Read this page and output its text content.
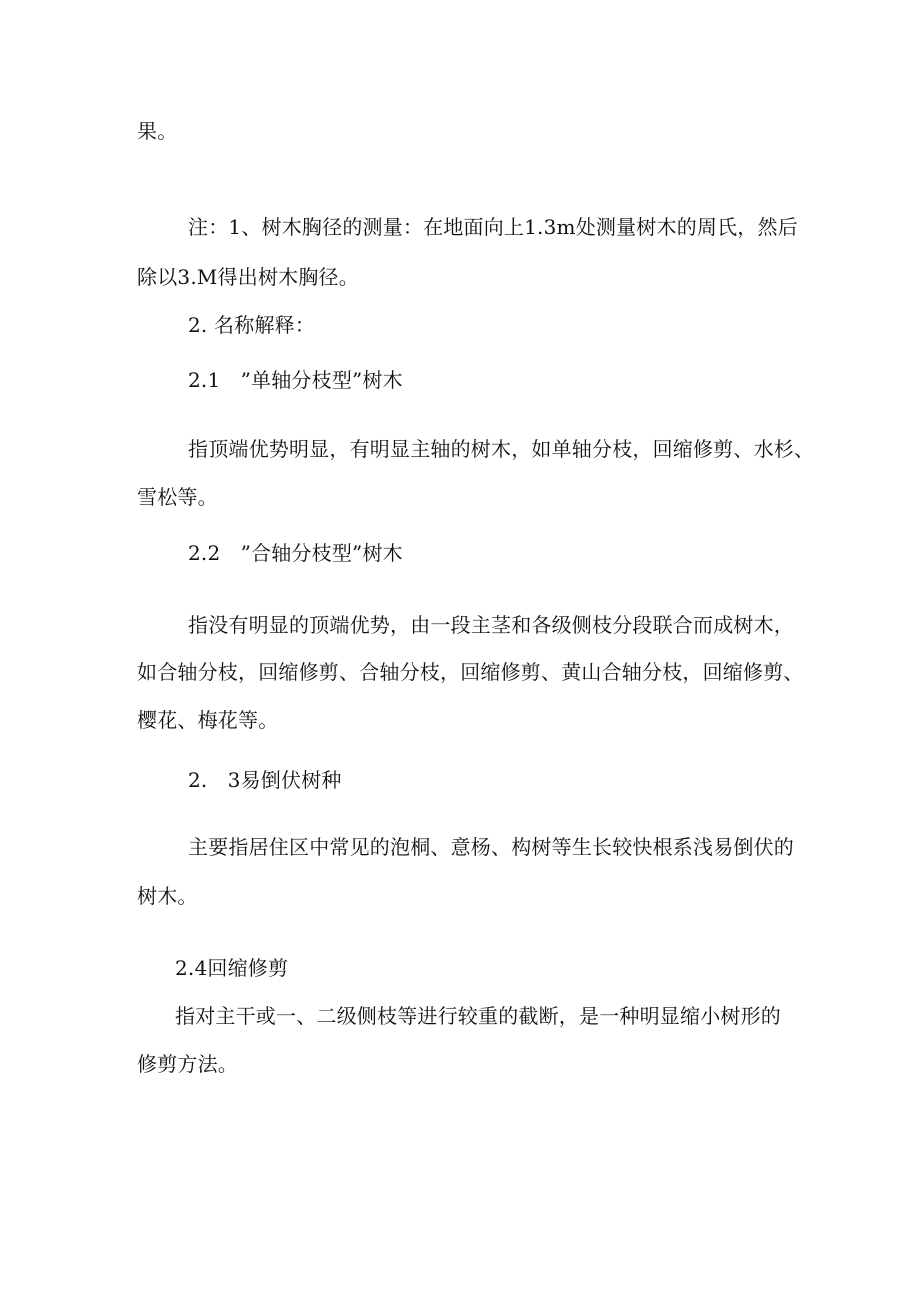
果。
注：1、树木胸径的测量：在地面向上1.3m处测量树木的周氏，然后
除以3.M得出树木胸径。
2. 名称解释：
2.1　”单轴分枝型”树木
指顶端优势明显，有明显主轴的树木，如单轴分枝，回缩修剪、水杉、
雪松等。
2.2　”合轴分枝型”树木
指没有明显的顶端优势，由一段主茎和各级侧枝分段联合而成树木，
如合轴分枝，回缩修剪、合轴分枝，回缩修剪、黄山合轴分枝，回缩修剪、
樱花、梅花等。
2.　3易倒伏树种
主要指居住区中常见的泡桐、意杨、构树等生长较快根系浅易倒伏的
树木。
2.4回缩修剪
指对主干或一、二级侧枝等进行较重的截断，是一种明显缩小树形的
修剪方法。
